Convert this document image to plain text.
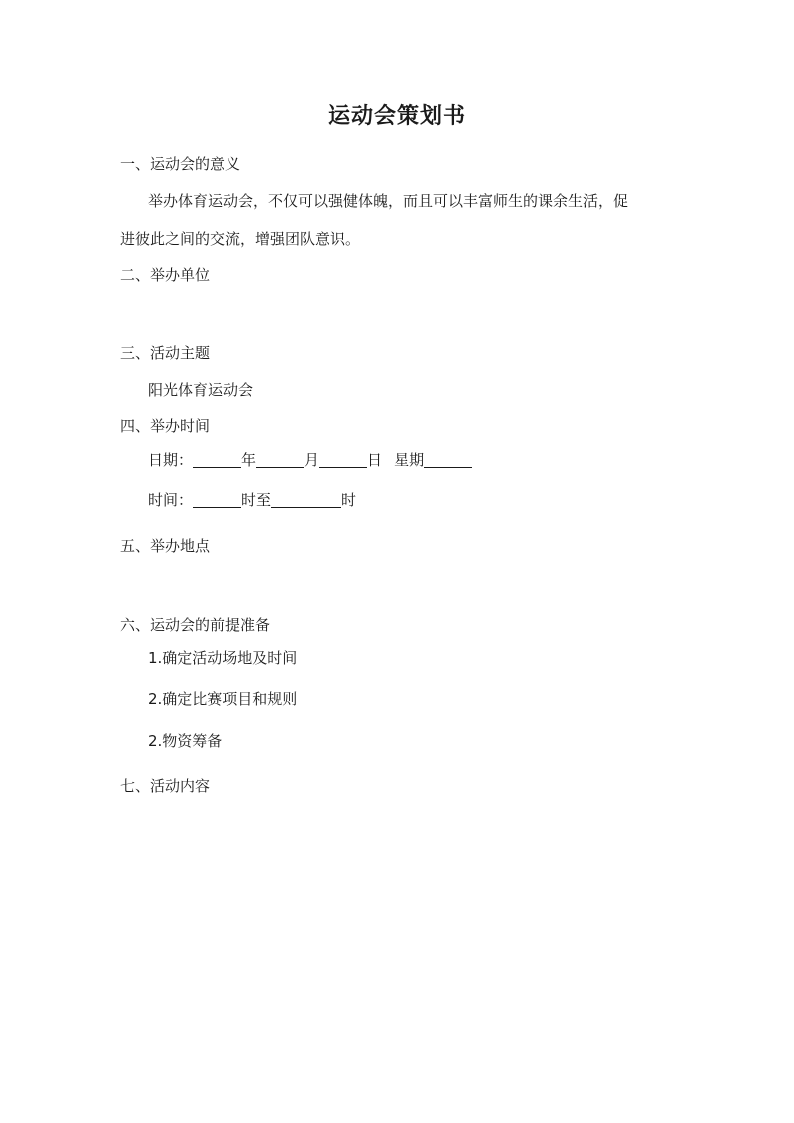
运动会策划书
一、运动会的意义
举办体育运动会，不仅可以强健体魄，而且可以丰富师生的课余生活，促
进彼此之间的交流，增强团队意识。
二、举办单位
三、活动主题
阳光体育运动会
四、举办时间
日期：	年	月	日 星期
时间：	时至	时
五、举办地点
六、运动会的前提准备
1.确定活动场地及时间
2.确定比赛项目和规则
2.物资筹备
七、活动内容
